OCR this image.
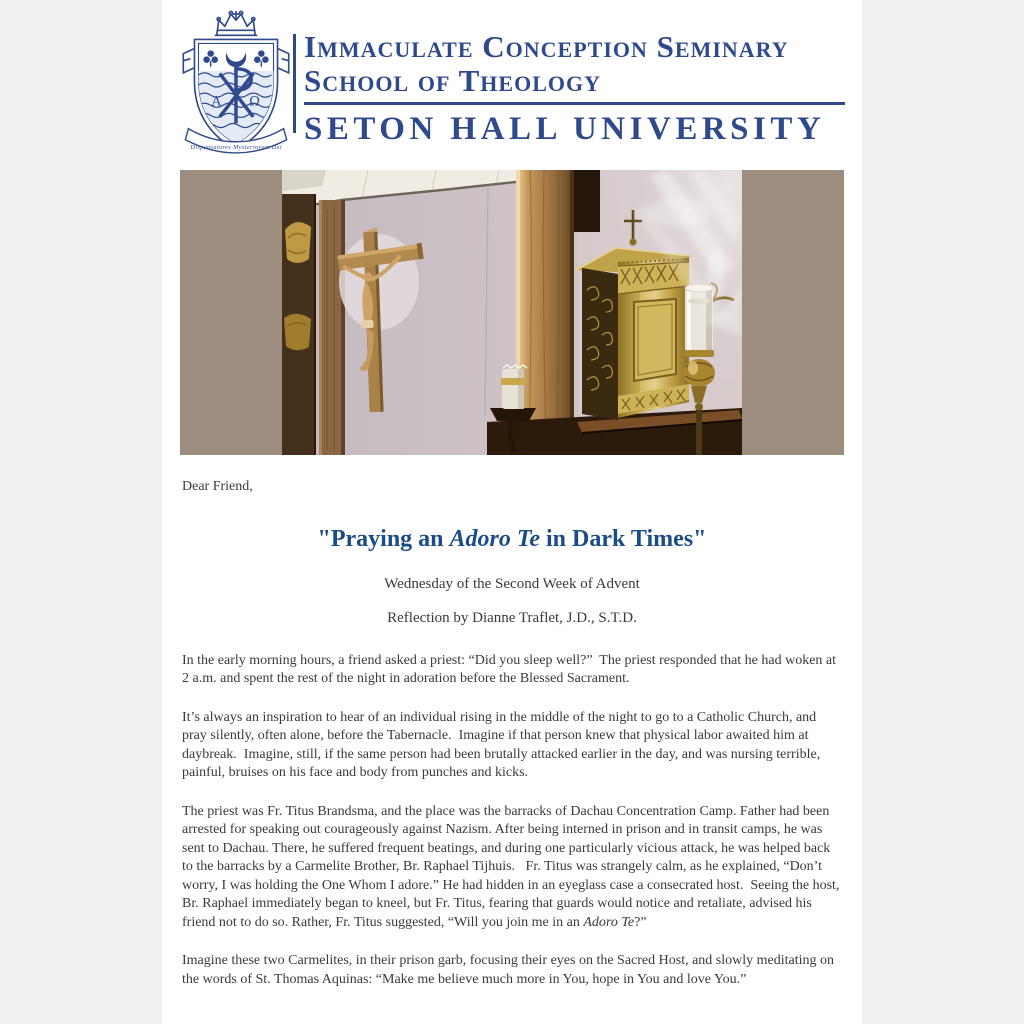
Α Ω
Dispensatores Mysteriorum Dei
Immaculate Conception Seminary
School of Theology
SETON HALL UNIVERSITY

Dear Friend,

"Praying an Adoro Te in Dark Times"

Wednesday of the Second Week of Advent

Reflection by Dianne Traflet, J.D., S.T.D.

In the early morning hours, a friend asked a priest: “Did you sleep well?”  The priest responded that he had woken at 2 a.m. and spent the rest of the night in adoration before the Blessed Sacrament.

It’s always an inspiration to hear of an individual rising in the middle of the night to go to a Catholic Church, and pray silently, often alone, before the Tabernacle.  Imagine if that person knew that physical labor awaited him at daybreak.  Imagine, still, if the same person had been brutally attacked earlier in the day, and was nursing terrible, painful, bruises on his face and body from punches and kicks.

The priest was Fr. Titus Brandsma, and the place was the barracks of Dachau Concentration Camp. Father had been arrested for speaking out courageously against Nazism. After being interned in prison and in transit camps, he was sent to Dachau. There, he suffered frequent beatings, and during one particularly vicious attack, he was helped back to the barracks by a Carmelite Brother, Br. Raphael Tijhuis.   Fr. Titus was strangely calm, as he explained, “Don’t worry, I was holding the One Whom I adore.” He had hidden in an eyeglass case a consecrated host.  Seeing the host, Br. Raphael immediately began to kneel, but Fr. Titus, fearing that guards would notice and retaliate, advised his friend not to do so. Rather, Fr. Titus suggested, “Will you join me in an Adoro Te?”

Imagine these two Carmelites, in their prison garb, focusing their eyes on the Sacred Host, and slowly meditating on the words of St. Thomas Aquinas: “Make me believe much more in You, hope in You and love You.”
